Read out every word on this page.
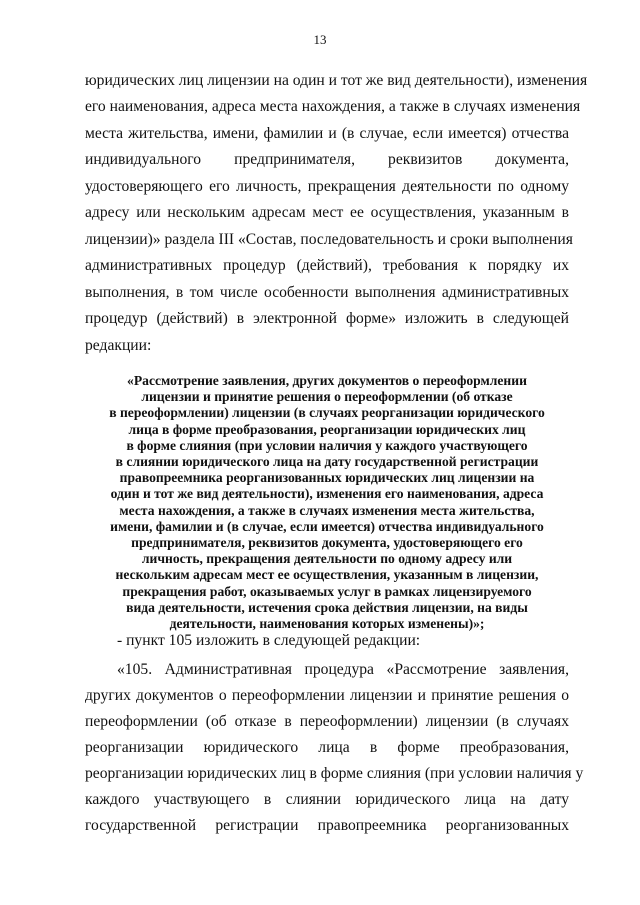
13
юридических лиц лицензии на один и тот же вид деятельности), изменения
его наименования, адреса места нахождения, а также в случаях изменения
места жительства, имени, фамилии и (в случае, если имеется) отчества
индивидуального предпринимателя, реквизитов документа,
удостоверяющего его личность, прекращения деятельности по одному
адресу или нескольким адресам мест ее осуществления, указанным в
лицензии)» раздела III «Состав, последовательность и сроки выполнения
административных процедур (действий), требования к порядку их
выполнения, в том числе особенности выполнения административных
процедур (действий) в электронной форме» изложить в следующей
редакции:
«Рассмотрение заявления, других документов о переоформлении
лицензии и принятие решения о переоформлении (об отказе
в переоформлении) лицензии (в случаях реорганизации юридического
лица в форме преобразования, реорганизации юридических лиц
в форме слияния (при условии наличия у каждого участвующего
в слиянии юридического лица на дату государственной регистрации
правопреемника реорганизованных юридических лиц лицензии на
один и тот же вид деятельности), изменения его наименования, адреса
места нахождения, а также в случаях изменения места жительства,
имени, фамилии и (в случае, если имеется) отчества индивидуального
предпринимателя, реквизитов документа, удостоверяющего его
личность, прекращения деятельности по одному адресу или
нескольким адресам мест ее осуществления, указанным в лицензии,
прекращения работ, оказываемых услуг в рамках лицензируемого
вида деятельности, истечения срока действия лицензии, на виды
деятельности, наименования которых изменены)»;
- пункт 105 изложить в следующей редакции:
«105. Административная процедура «Рассмотрение заявления,
других документов о переоформлении лицензии и принятие решения о
переоформлении (об отказе в переоформлении) лицензии (в случаях
реорганизации юридического лица в форме преобразования,
реорганизации юридических лиц в форме слияния (при условии наличия у
каждого участвующего в слиянии юридического лица на дату
государственной регистрации правопреемника реорганизованных
